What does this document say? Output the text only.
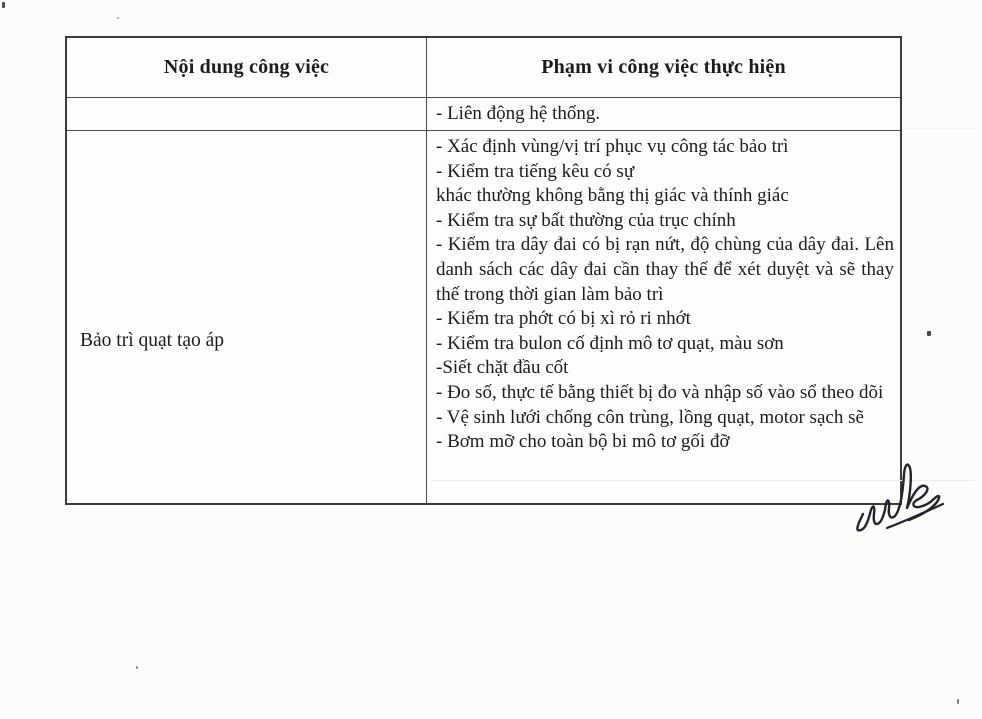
Nội dung công việc	Phạm vi công việc thực hiện
- Liên động hệ thống.
Bảo trì quạt tạo áp
- Xác định vùng/vị trí phục vụ công tác bảo trì
- Kiểm tra tiếng kêu có sự
khác thường không bằng thị giác và thính giác
- Kiểm tra sự bất thường của trục chính
- Kiểm tra dây đai có bị rạn nứt, độ chùng của dây đai. Lên danh sách các dây đai cần thay thế để xét duyệt và sẽ thay thế trong thời gian làm bảo trì
- Kiểm tra phớt có bị xì rỏ ri nhớt
- Kiểm tra bulon cố định mô tơ quạt, màu sơn
-Siết chặt đầu cốt
- Đo số, thực tế bằng thiết bị đo và nhập số vào sổ theo dõi
- Vệ sinh lưới chống côn trùng, lồng quạt, motor sạch sẽ
- Bơm mỡ cho toàn bộ bi mô tơ gối đỡ
